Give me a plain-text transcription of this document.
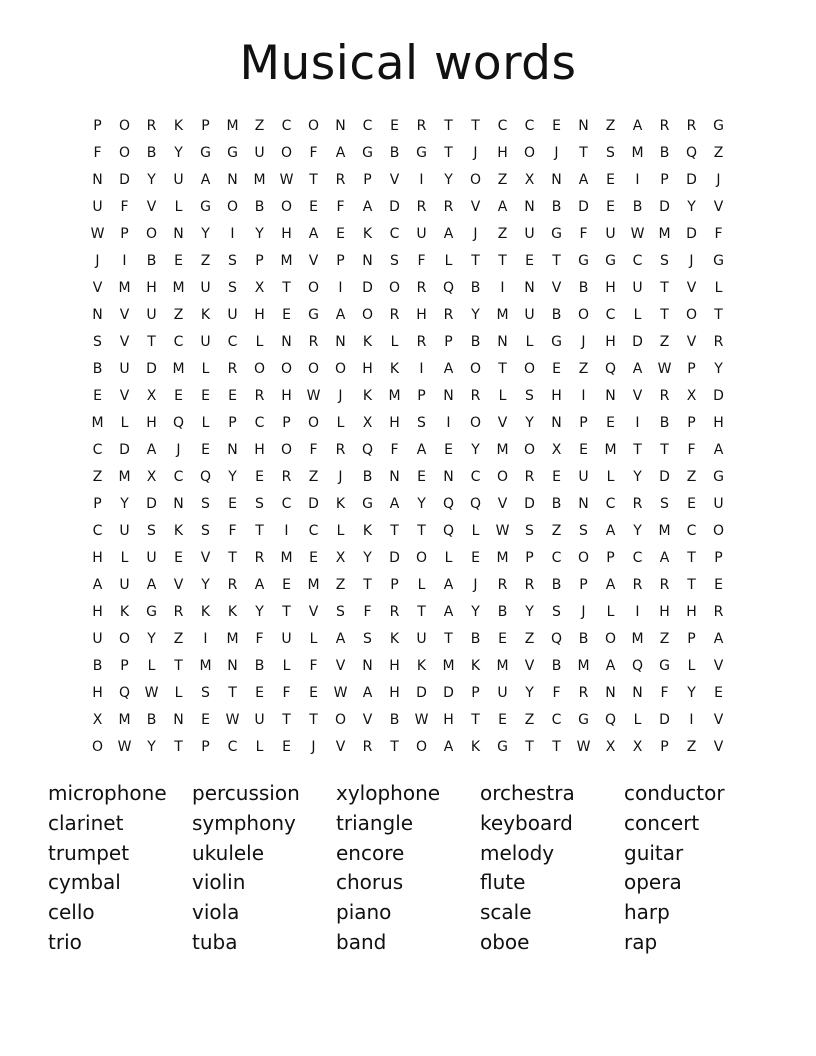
Musical words
P	O	R	K	P	M	Z	C	O	N	C	E	R	T	T	C	C	E	N	Z	A	R	R	G
F	O	B	Y	G	G	U	O	F	A	G	B	G	T	J	H	O	J	T	S	M	B	Q	Z
N	D	Y	U	A	N	M	W	T	R	P	V	I	Y	O	Z	X	N	A	E	I	P	D	J
U	F	V	L	G	O	B	O	E	F	A	D	R	R	V	A	N	B	D	E	B	D	Y	V
W	P	O	N	Y	I	Y	H	A	E	K	C	U	A	J	Z	U	G	F	U	W	M	D	F
J	I	B	E	Z	S	P	M	V	P	N	S	F	L	T	T	E	T	G	G	C	S	J	G
V	M	H	M	U	S	X	T	O	I	D	O	R	Q	B	I	N	V	B	H	U	T	V	L
N	V	U	Z	K	U	H	E	G	A	O	R	H	R	Y	M	U	B	O	C	L	T	O	T
S	V	T	C	U	C	L	N	R	N	K	L	R	P	B	N	L	G	J	H	D	Z	V	R
B	U	D	M	L	R	O	O	O	O	H	K	I	A	O	T	O	E	Z	Q	A	W	P	Y
E	V	X	E	E	E	R	H	W	J	K	M	P	N	R	L	S	H	I	N	V	R	X	D
M	L	H	Q	L	P	C	P	O	L	X	H	S	I	O	V	Y	N	P	E	I	B	P	H
C	D	A	J	E	N	H	O	F	R	Q	F	A	E	Y	M	O	X	E	M	T	T	F	A
Z	M	X	C	Q	Y	E	R	Z	J	B	N	E	N	C	O	R	E	U	L	Y	D	Z	G
P	Y	D	N	S	E	S	C	D	K	G	A	Y	Q	Q	V	D	B	N	C	R	S	E	U
C	U	S	K	S	F	T	I	C	L	K	T	T	Q	L	W	S	Z	S	A	Y	M	C	O
H	L	U	E	V	T	R	M	E	X	Y	D	O	L	E	M	P	C	O	P	C	A	T	P
A	U	A	V	Y	R	A	E	M	Z	T	P	L	A	J	R	R	B	P	A	R	R	T	E
H	K	G	R	K	K	Y	T	V	S	F	R	T	A	Y	B	Y	S	J	L	I	H	H	R
U	O	Y	Z	I	M	F	U	L	A	S	K	U	T	B	E	Z	Q	B	O	M	Z	P	A
B	P	L	T	M	N	B	L	F	V	N	H	K	M	K	M	V	B	M	A	Q	G	L	V
H	Q	W	L	S	T	E	F	E	W	A	H	D	D	P	U	Y	F	R	N	N	F	Y	E
X	M	B	N	E	W	U	T	T	O	V	B	W	H	T	E	Z	C	G	Q	L	D	I	V
O	W	Y	T	P	C	L	E	J	V	R	T	O	A	K	G	T	T	W	X	X	P	Z	V
microphone	percussion	xylophone	orchestra	conductor
clarinet	symphony	triangle	keyboard	concert
trumpet	ukulele	encore	melody	guitar
cymbal	violin	chorus	flute	opera
cello	viola	piano	scale	harp
trio	tuba	band	oboe	rap
